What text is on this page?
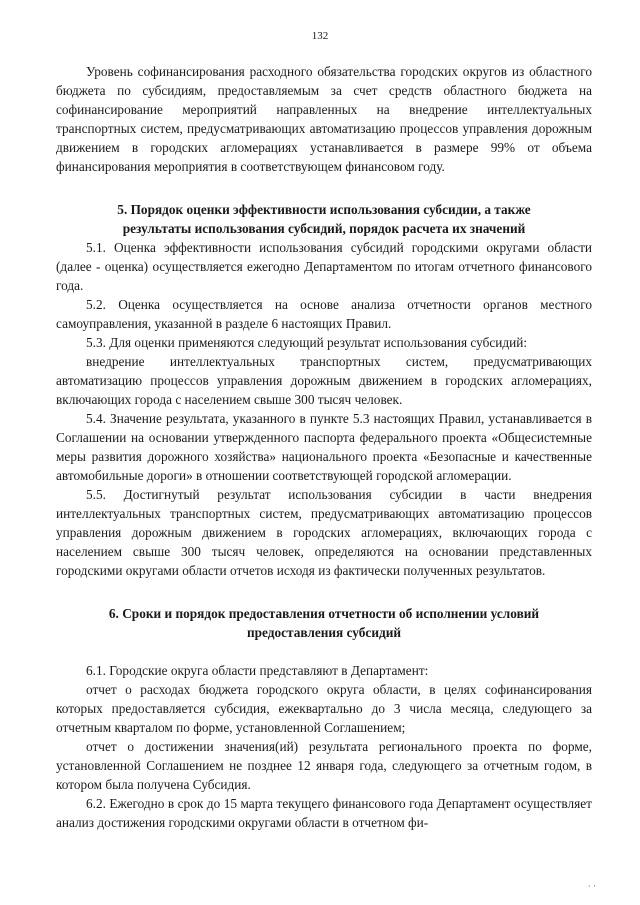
132

Уровень софинансирования расходного обязательства городских округов из областного бюджета по субсидиям, предоставляемым за счет средств областного бюджета на софинансирование мероприятий направленных на внедрение интеллектуальных транспортных систем, предусматривающих автоматизацию процессов управления дорожным движением в городских агломерациях устанавливается в размере 99% от объема финансирования мероприятия в соответствующем финансовом году.

5. Порядок оценки эффективности использования субсидии, а также
результаты использования субсидий, порядок расчета их значений

5.1. Оценка эффективности использования субсидий городскими округами области (далее - оценка) осуществляется ежегодно Департаментом по итогам отчетного финансового года.

5.2. Оценка осуществляется на основе анализа отчетности органов местного самоуправления, указанной в разделе 6 настоящих Правил.

5.3. Для оценки применяются следующий результат использования субсидий:

внедрение интеллектуальных транспортных систем, предусматривающих автоматизацию процессов управления дорожным движением в городских агломерациях, включающих города с населением свыше 300 тысяч человек.

5.4. Значение результата, указанного в пункте 5.3 настоящих Правил, устанавливается в Соглашении на основании утвержденного паспорта федерального проекта «Общесистемные меры развития дорожного хозяйства» национального проекта «Безопасные и качественные автомобильные дороги» в отношении соответствующей городской агломерации.

5.5. Достигнутый результат использования субсидии в части внедрения интеллектуальных транспортных систем, предусматривающих автоматизацию процессов управления дорожным движением в городских агломерациях, включающих города с населением свыше 300 тысяч человек, определяются на основании представленных городскими округами области отчетов исходя из фактически полученных результатов.

6. Сроки и порядок предоставления отчетности об исполнении условий
предоставления субсидий

6.1. Городские округа области представляют в Департамент:

отчет о расходах бюджета городского округа области, в целях софинансирования которых предоставляется субсидия, ежеквартально до 3 числа месяца, следующего за отчетным кварталом по форме, установленной Соглашением;

отчет о достижении значения(ий) результата регионального проекта по форме, установленной Соглашением не позднее 12 января года, следующего за отчетным годом, в котором была получена Субсидия.

6.2. Ежегодно в срок до 15 марта текущего финансового года Департамент осуществляет анализ достижения городскими округами области в отчетном фи-

· ·
